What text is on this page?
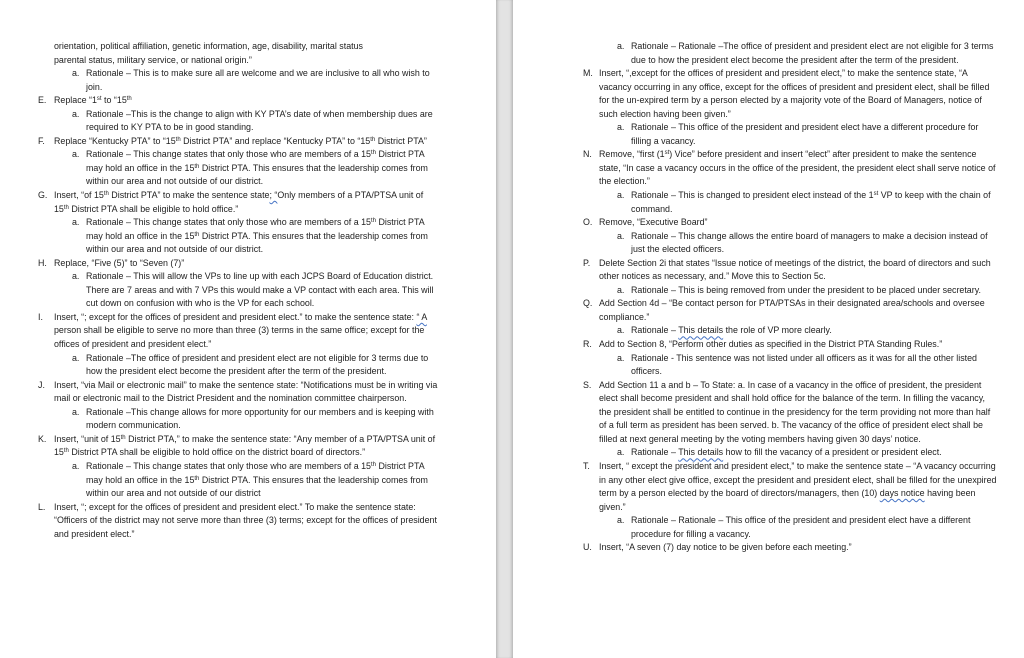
orientation, political affiliation, genetic information, age, disability, marital status
parental status, military service, or national origin.”
a. Rationale – This is to make sure all are welcome and we are inclusive to all who wish to join.
E. Replace “1st to “15th
a. Rationale –This is the change to align with KY PTA’s date of when membership dues are required to KY PTA to be in good standing.
F. Replace “Kentucky PTA” to “15th District PTA” and replace “Kentucky PTA” to “15th District PTA”
a. Rationale – This change states that only those who are members of a 15th District PTA may hold an office in the 15th District PTA. This ensures that the leadership comes from within our area and not outside of our district.
G. Insert, “of 15th District PTA” to make the sentence state; “Only members of a PTA/PTSA unit of 15th District PTA shall be eligible to hold office.”
a. Rationale – This change states that only those who are members of a 15th District PTA may hold an office in the 15th District PTA. This ensures that the leadership comes from within our area and not outside of our district.
H. Replace, “Five (5)” to “Seven (7)”
a. Rationale – This will allow the VPs to line up with each JCPS Board of Education district. There are 7 areas and with 7 VPs this would make a VP contact with each area. This will cut down on confusion with who is the VP for each school.
I. Insert, “; except for the offices of president and president elect.” to make the sentence state: “ A person shall be eligible to serve no more than three (3) terms in the same office; except for the offices of president and president elect.”
a. Rationale –The office of president and president elect are not eligible for 3 terms due to how the president elect become the president after the term of the president.
J. Insert, “via Mail or electronic mail” to make the sentence state: “Notifications must be in writing via mail or electronic mail to the District President and the nomination committee chairperson.
a. Rationale –This change allows for more opportunity for our members and is keeping with modern communication.
K. Insert, “unit of 15th District PTA,” to make the sentence state: “Any member of a PTA/PTSA unit of 15th District PTA shall be eligible to hold office on the district board of directors.”
a. Rationale – This change states that only those who are members of a 15th District PTA may hold an office in the 15th District PTA. This ensures that the leadership comes from within our area and not outside of our district
L. Insert, “; except for the offices of president and president elect.” To make the sentence state: “Officers of the district may not serve more than three (3) terms; except for the offices of president and president elect.”
a. Rationale – Rationale –The office of president and president elect are not eligible for 3 terms due to how the president elect become the president after the term of the president.
M. Insert, “,except for the offices of president and president elect,” to make the sentence state, “A vacancy occurring in any office, except for the offices of president and president elect, shall be filled for the un-expired term by a person elected by a majority vote of the Board of Managers, notice of such election having been given.”
a. Rationale – This office of the president and president elect have a different procedure for filling a vacancy.
N. Remove, “first (1st) Vice” before president and insert “elect” after president to make the sentence state, “In case a vacancy occurs in the office of the president, the president elect shall serve notice of the election.”
a. Rationale – This is changed to president elect instead of the 1st VP to keep with the chain of command.
O. Remove, “Executive Board”
a. Rationale – This change allows the entire board of managers to make a decision instead of just the elected officers.
P. Delete Section 2i that states “Issue notice of meetings of the district, the board of directors and such other notices as necessary, and.” Move this to Section 5c.
a. Rationale – This is being removed from under the president to be placed under secretary.
Q. Add Section 4d – “Be contact person for PTA/PTSAs in their designated area/schools and oversee compliance.”
a. Rationale – This details the role of VP more clearly.
R. Add to Section 8, “Perform other duties as specified in the District PTA Standing Rules.”
a. Rationale - This sentence was not listed under all officers as it was for all the other listed officers.
S. Add Section 11 a and b – To State: a. In case of a vacancy in the office of president, the president elect shall become president and shall hold office for the balance of the term. In filling the vacancy, the president shall be entitled to continue in the presidency for the term providing not more than half of a full term as president has been served. b. The vacancy of the office of president elect shall be filled at next general meeting by the voting members having given 30 days’ notice.
a. Rationale – This details how to fill the vacancy of a president or president elect.
T. Insert, “ except the president and president elect,” to make the sentence state – “A vacancy occurring in any other elect give office, except the president and president elect, shall be filled for the unexpired term by a person elected by the board of directors/managers, then (10) days notice having been given.”
a. Rationale – Rationale – This office of the president and president elect have a different procedure for filling a vacancy.
U. Insert, “A seven (7) day notice to be given before each meeting.”
